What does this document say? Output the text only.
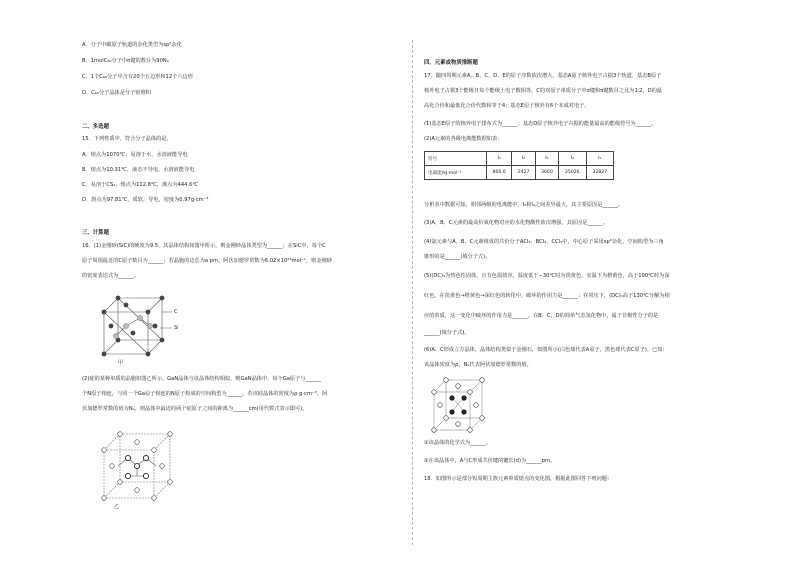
A．分子中碳原子轨道的杂化类型为sp²杂化
B．1molC₆₀分子中σ键的数目为90Nₐ
C．1个C₆₀分子中含有20个五边形和12个六边形
D．C₆₀分子晶体是分子密堆积
二、多选题
15．下列性质中，符合分子晶体的是。
A．熔点为1070℃，易溶于水，水溶液能导电
B．熔点为10.31℃，液态不导电，水溶液能导电
C．易溶于CS₂，熔点为112.8℃，沸点为444.6℃
D．熔点为97.81℃，质软，导电，密度为0.97g·cm⁻³
三、计算题
16．(1)金刚砂(SiC)的硬度为9.5，其晶体结构如图甲所示，则金刚砂晶体类型为______；在SiC中，每个C
原子周围最近的C原子数目为______；若晶胞的边长为a pm，阿伏加德罗常数为6.02×10²³mol⁻¹，则金刚砂
的密度表达式为______。
C
Si
甲
(2)硅的某种单质的晶胞如图乙所示。GaN晶体与该晶体结构相似，则GaN晶体中，每个Ga原子与______
个N原子相连，与同一个Ga原子相连的N原子构成的空间构型为______。若该硅晶体的密度为ρ g·cm⁻³，阿
伏加德罗常数的值为Nₐ，则晶体中最近的两个硅原子之间的距离为______cm(用代数式表示即可)。
乙
四、元素或物质推断题
17．随四周期元素A、B、C、D、E的原子序数依次增大，基态A原子核外电子占据3个轨道，基态B原子
核外电子占据3个能级且每个能级上电子数相等，C的双原子单质分子中σ键和π键数目之比为1∶2，D的最
高化合价和最低化合价代数和等于4；基态E原子核外有6个未成对电子。
(1)基态E原子的核外电子排布式为______；基态D原子核外电子占据的能量最高的能级符号为______。
(2)A元素的各级电离能数据如表：
符号	I₁	I₂	I₃	I₄	I₅
电离能/kJ·mol⁻¹	800.6	2427	3660	25026	32827
分析表中数据可知，相邻两级的电离能中，I₃和I₄之间差异最大，其主要原因是______。
(3)A、B、C元素的最高价氧化物对应的水化物酸性依次增强，其原因是______。
(4)氯元素与A、B、C元素组成的共价分子ACl₃、BCl₄、CCl₃中，中心原子采用sp³杂化、空间构型为三角
锥形的是______(填分子式)。
(5)(DC)₄为热色性固体，且有色温效应。温度低于−30℃时为淡黄色，室温下为橙黄色，高于100℃时为深
红色。在淡黄色→橙黄色→深红色的转化中，破坏的作用力是______；在常压下，(DC)₄高于130℃分解为相
应的单质，这一变化中破坏的作用力是______。在B、C、D的简单气态氢化物中，属于非极性分子的是
______(填分子式)。
(6)A、C形成立方晶体，晶体结构类似于金刚石，如图所示(白色球代表A原子，黑色球代表C原子)。已知：
该晶体密度为ρ，Nₐ代表阿伏加德罗常数的值。
①该晶体的化学式为______。
②在该晶体中，A与C形成共价键的键长(d)为______pm。
18．如图所示是部分短周期主族元素单质熔点的变化图，根据此图回答下列问题：
